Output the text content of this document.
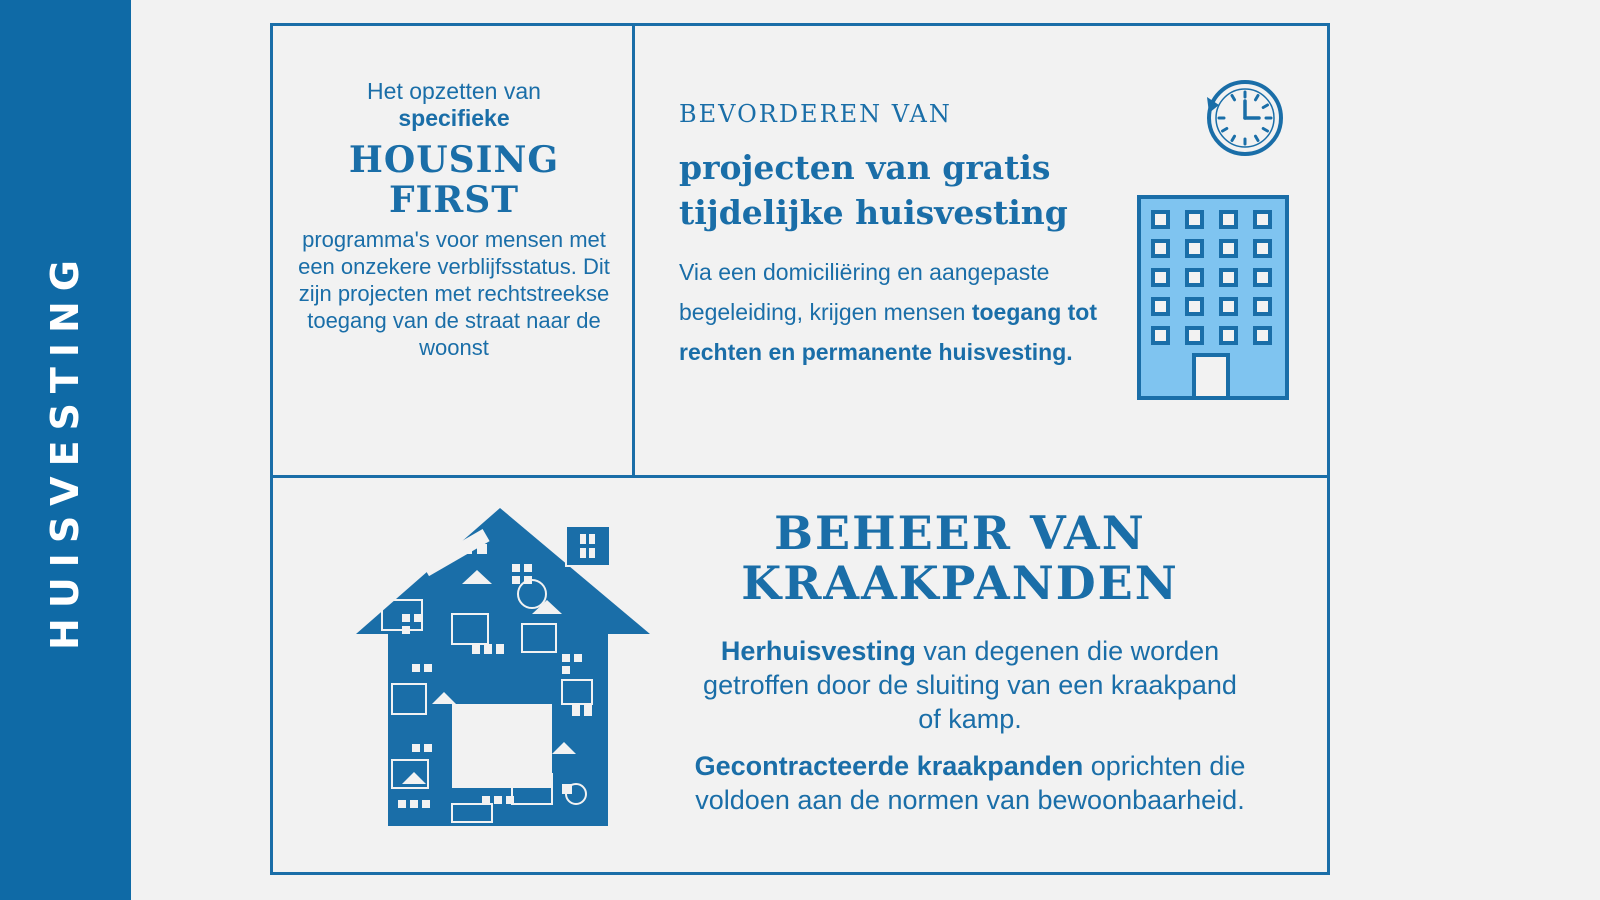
HUISVESTING
Het opzetten van
specifieke
HOUSING
FIRST
programma's voor mensen met een onzekere verblijfsstatus. Dit zijn projecten met rechtstreekse toegang van de straat naar de woonst
BEVORDEREN VAN
projecten van gratis
tijdelijke huisvesting
Via een domiciliëring en aangepaste begeleiding, krijgen mensen toegang tot rechten en permanente huisvesting.
BEHEER VAN
KRAAKPANDEN
Herhuisvesting van degenen die worden getroffen door de sluiting van een kraakpand of kamp.
Gecontracteerde kraakpanden oprichten die voldoen aan de normen van bewoonbaarheid.
